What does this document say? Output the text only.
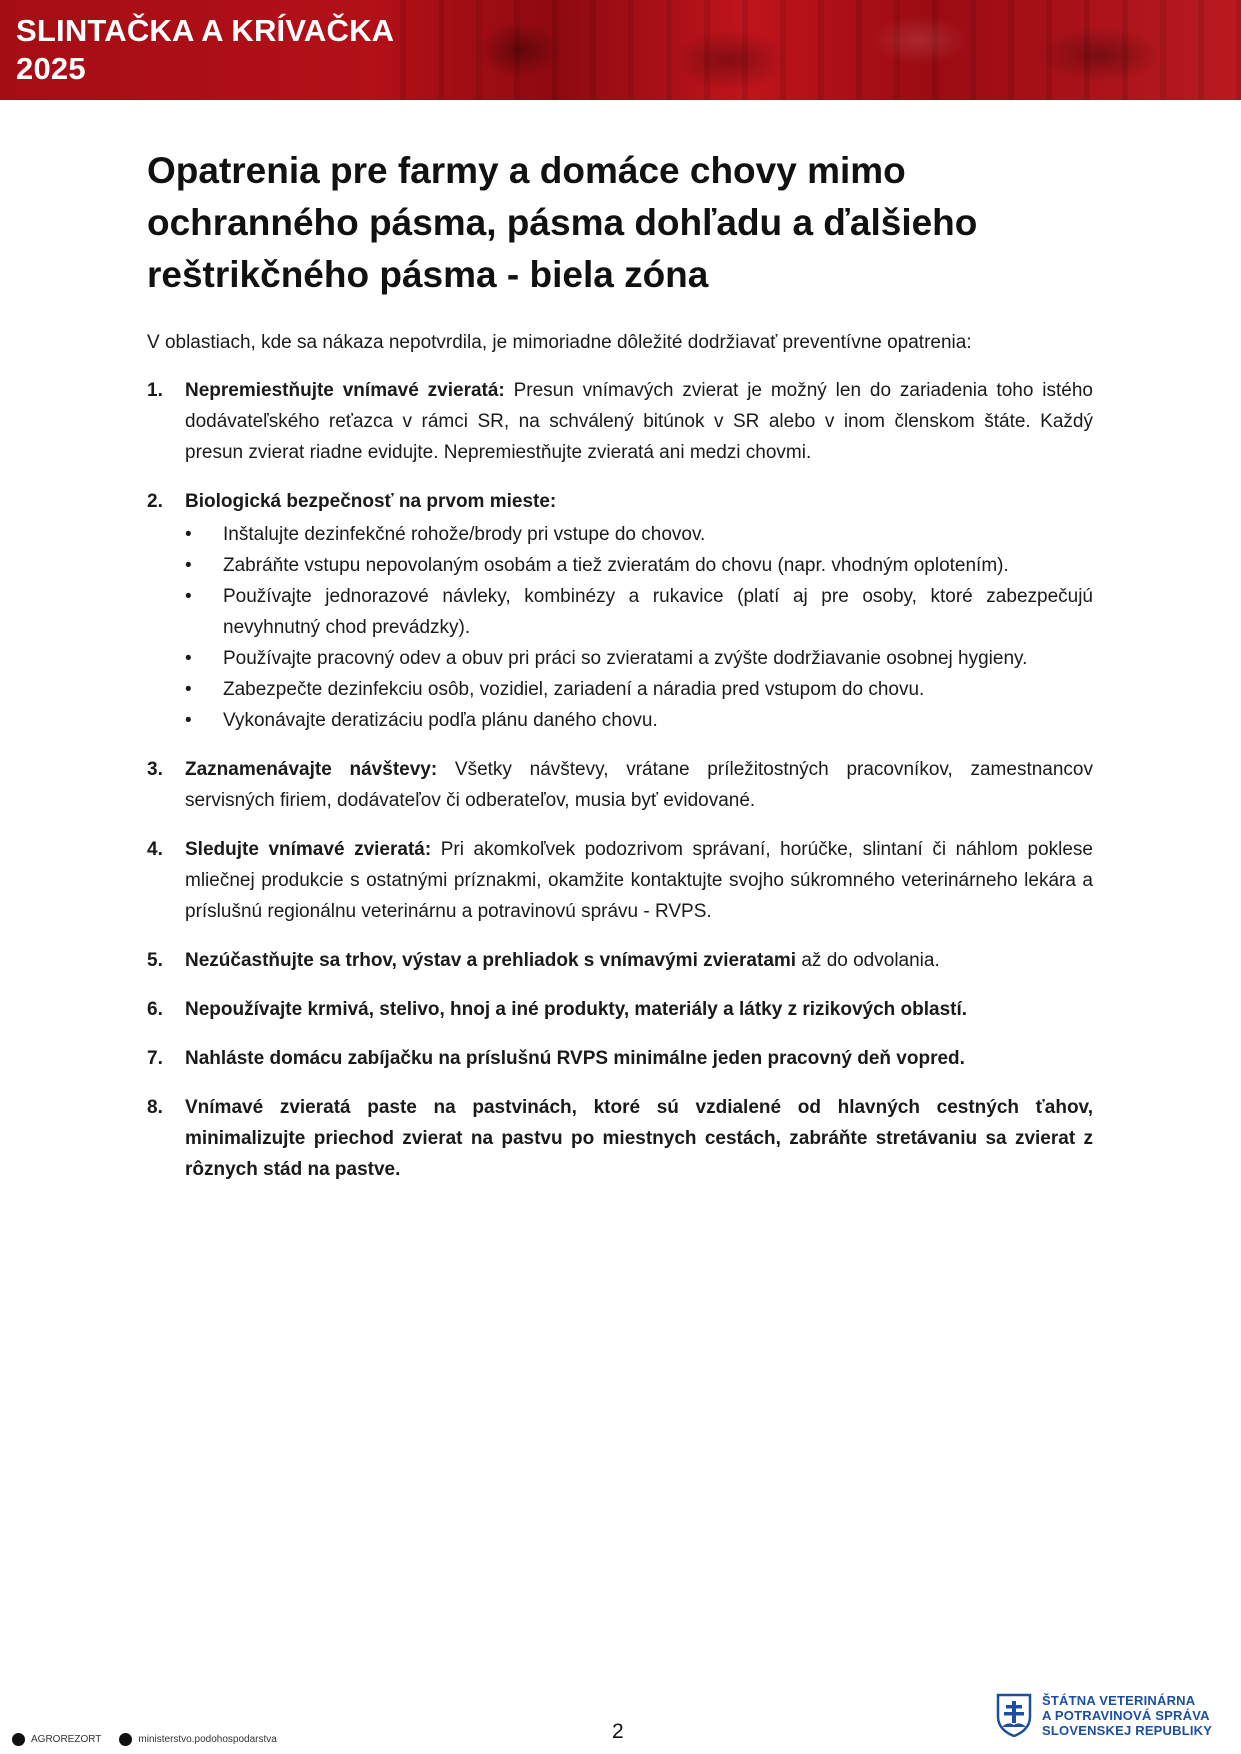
SLINTAČKA A KRÍVAČKA
2025
Opatrenia pre farmy a domáce chovy mimo ochranného pásma, pásma dohľadu a ďalšieho reštrikčného pásma - biela zóna

V oblastiach, kde sa nákaza nepotvrdila, je mimoriadne dôležité dodržiavať preventívne opatrenia:

1. Nepremiestňujte vnímavé zvieratá: Presun vnímavých zvierat je možný len do zariadenia toho istého dodávateľského reťazca v rámci SR, na schválený bitúnok v SR alebo v inom členskom štáte. Každý presun zvierat riadne evidujte. Nepremiestňujte zvieratá ani medzi chovmi.
2. Biologická bezpečnosť na prvom mieste:
• Inštalujte dezinfekčné rohože/brody pri vstupe do chovov.
• Zabráňte vstupu nepovolaným osobám a tiež zvieratám do chovu (napr. vhodným oplotením).
• Používajte jednorazové návleky, kombinézy a rukavice (platí aj pre osoby, ktoré zabezpečujú nevyhnutný chod prevádzky).
• Používajte pracovný odev a obuv pri práci so zvieratami a zvýšte dodržiavanie osobnej hygieny.
• Zabezpečte dezinfekciu osôb, vozidiel, zariadení a náradia pred vstupom do chovu.
• Vykonávajte deratizáciu podľa plánu daného chovu.
3. Zaznamenávajte návštevy: Všetky návštevy, vrátane príležitostných pracovníkov, zamestnancov servisných firiem, dodávateľov či odberateľov, musia byť evidované.
4. Sledujte vnímavé zvieratá: Pri akomkoľvek podozrivom správaní, horúčke, slintaní či náhlom poklese mliečnej produkcie s ostatnými príznakmi, okamžite kontaktujte svojho súkromného veterinárneho lekára a príslušnú regionálnu veterinárnu a potravinovú správu - RVPS.
5. Nezúčastňujte sa trhov, výstav a prehliadok s vnímavými zvieratami až do odvolania.
6. Nepoužívajte krmivá, stelivo, hnoj a iné produkty, materiály a látky z rizikových oblastí.
7. Nahláste domácu zabíjačku na príslušnú RVPS minimálne jeden pracovný deň vopred.
8. Vnímavé zvieratá paste na pastvinách, ktoré sú vzdialené od hlavných cestných ťahov, minimalizujte priechod zvierat na pastvu po miestnych cestách, zabráňte stretávaniu sa zvierat z rôznych stád na pastve.
AGROREZORT	ministerstvo.podohospodarstva	2
ŠTÁTNA VETERINÁRNA
A POTRAVINOVÁ SPRÁVA
SLOVENSKEJ REPUBLIKY
